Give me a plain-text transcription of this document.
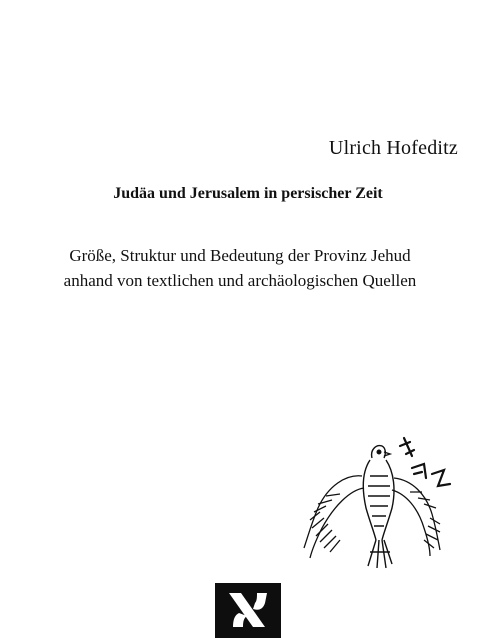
Ulrich Hofeditz
Judäa und Jerusalem in persischer Zeit
Größe, Struktur und Bedeutung der Provinz Jehud
anhand von textlichen und archäologischen Quellen
